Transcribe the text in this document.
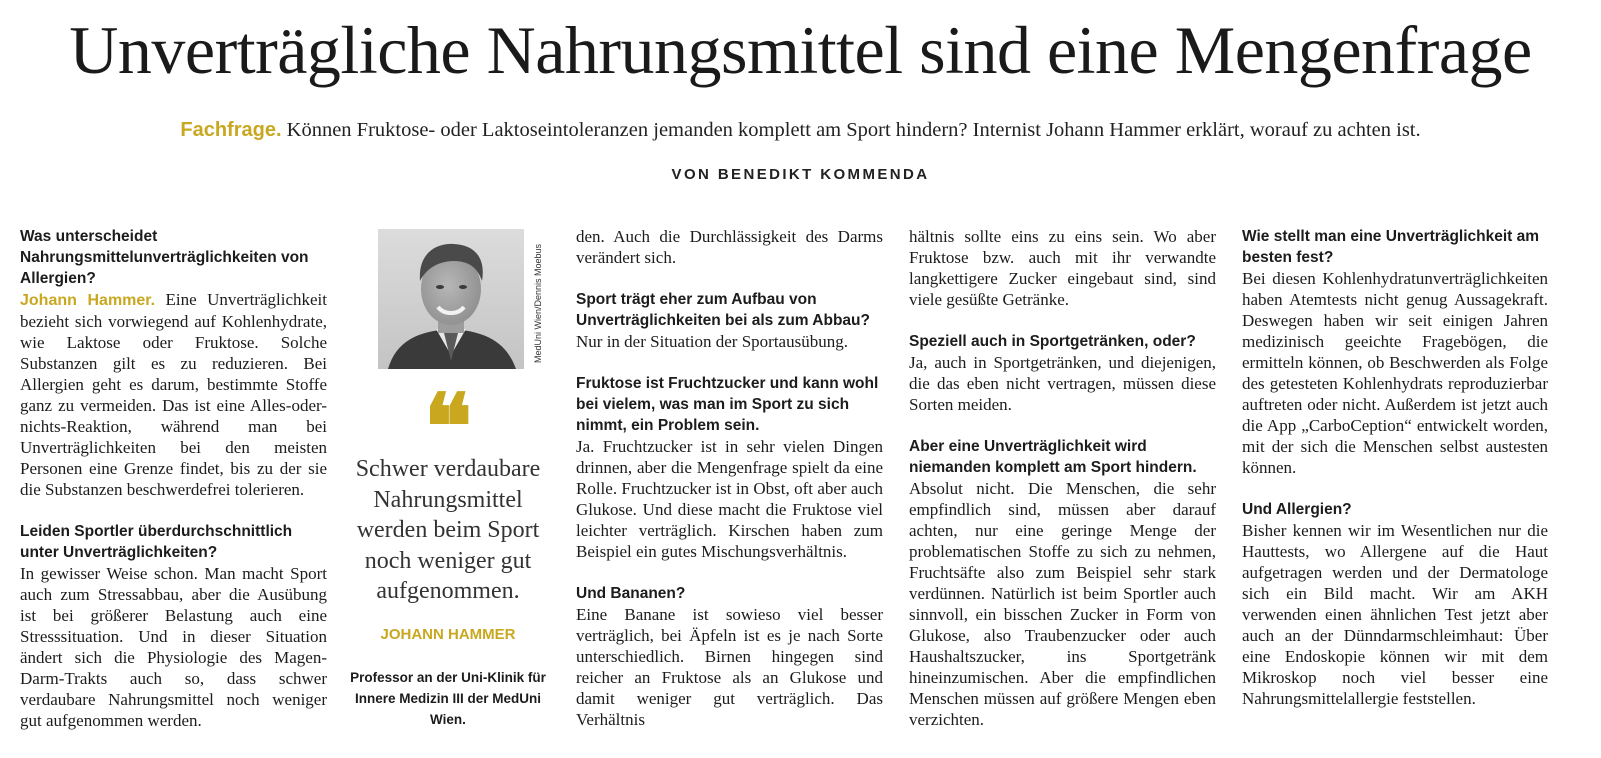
Unverträgliche Nahrungsmittel sind eine Mengenfrage

Fachfrage. Können Fruktose- oder Laktoseintoleranzen jemanden komplett am Sport hindern? Internist Johann Hammer erklärt, worauf zu achten ist.

VON BENEDIKT KOMMENDA

Was unterscheidet Nahrungsmittelunverträglichkeiten von Allergien?

Johann Hammer. Eine Unverträglichkeit bezieht sich vorwiegend auf Kohlenhydrate, wie Laktose oder Fruktose. Solche Substanzen gilt es zu reduzieren. Bei Allergien geht es darum, bestimmte Stoffe ganz zu vermeiden. Das ist eine Alles-oder-nichts-Reaktion, während man bei Unverträglichkeiten bei den meisten Personen eine Grenze findet, bis zu der sie die Substanzen beschwerdefrei tolerieren.

Leiden Sportler überdurchschnittlich unter Unverträglichkeiten?

In gewisser Weise schon. Man macht Sport auch zum Stressabbau, aber die Ausübung ist bei größerer Belastung auch eine Stresssituation. Und in dieser Situation ändert sich die Physiologie des Magen-Darm-Trakts auch so, dass schwer verdaubare Nahrungsmittel noch weniger gut aufgenommen werden.

MedUni Wien/Dennis Moebus
❝
Schwer verdaubare Nahrungsmittel werden beim Sport noch weniger gut aufgenommen.
JOHANN HAMMER
Professor an der Uni-Klinik für Innere Medizin III der MedUni Wien.

den. Auch die Durchlässigkeit des Darms verändert sich.

Sport trägt eher zum Aufbau von Unverträglichkeiten bei als zum Abbau?

Nur in der Situation der Sportausübung.

Fruktose ist Fruchtzucker und kann wohl bei vielem, was man im Sport zu sich nimmt, ein Problem sein.

Ja. Fruchtzucker ist in sehr vielen Dingen drinnen, aber die Mengenfrage spielt da eine Rolle. Fruchtzucker ist in Obst, oft aber auch Glukose. Und diese macht die Fruktose viel leichter verträglich. Kirschen haben zum Beispiel ein gutes Mischungsverhältnis.

Und Bananen?

Eine Banane ist sowieso viel besser verträglich, bei Äpfeln ist es je nach Sorte unterschiedlich. Birnen hingegen sind reicher an Fruktose als an Glukose und damit weniger gut verträglich. Das Verhältnis

hältnis sollte eins zu eins sein. Wo aber Fruktose bzw. auch mit ihr verwandte langkettigere Zucker eingebaut sind, sind viele gesüßte Getränke.

Speziell auch in Sportgetränken, oder?

Ja, auch in Sportgetränken, und diejenigen, die das eben nicht vertragen, müssen diese Sorten meiden.

Aber eine Unverträglichkeit wird niemanden komplett am Sport hindern.

Absolut nicht. Die Menschen, die sehr empfindlich sind, müssen aber darauf achten, nur eine geringe Menge der problematischen Stoffe zu sich zu nehmen, Fruchtsäfte also zum Beispiel sehr stark verdünnen. Natürlich ist beim Sportler auch sinnvoll, ein bisschen Zucker in Form von Glukose, also Traubenzucker oder auch Haushaltszucker, ins Sportgetränk hineinzumischen. Aber die empfindlichen Menschen müssen auf größere Mengen eben verzichten.

Wie stellt man eine Unverträglichkeit am besten fest?

Bei diesen Kohlenhydratunverträglichkeiten haben Atemtests nicht genug Aussagekraft. Deswegen haben wir seit einigen Jahren medizinisch geeichte Fragebögen, die ermitteln können, ob Beschwerden als Folge des getesteten Kohlenhydrats reproduzierbar auftreten oder nicht. Außerdem ist jetzt auch die App „CarboCeption“ entwickelt worden, mit der sich die Menschen selbst austesten können.

Und Allergien?

Bisher kennen wir im Wesentlichen nur die Hauttests, wo Allergene auf die Haut aufgetragen werden und der Dermatologe sich ein Bild macht. Wir am AKH verwenden einen ähnlichen Test jetzt aber auch an der Dünndarmschleimhaut: Über eine Endoskopie können wir mit dem Mikroskop noch viel besser eine Nahrungsmittelallergie feststellen.
